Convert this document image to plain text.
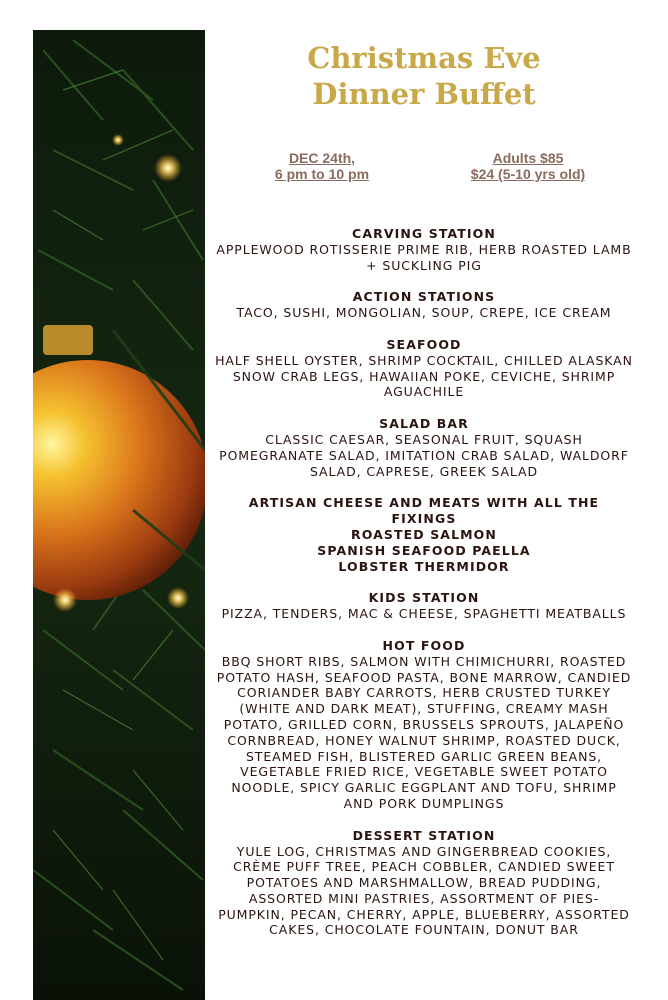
Christmas Eve
Dinner Buffet
DEC 24th,
6 pm to 10 pm
Adults $85
$24 (5-10 yrs old)
CARVING STATION

APPLEWOOD ROTISSERIE PRIME RIB, HERB ROASTED LAMB + SUCKLING PIG

ACTION STATIONS

TACO, SUSHI, MONGOLIAN, SOUP, CREPE, ICE CREAM

SEAFOOD

HALF SHELL OYSTER, SHRIMP COCKTAIL, CHILLED ALASKAN SNOW CRAB LEGS, HAWAIIAN POKE, CEVICHE, SHRIMP AGUACHILE

SALAD BAR

CLASSIC CAESAR, SEASONAL FRUIT, SQUASH POMEGRANATE SALAD, IMITATION CRAB SALAD, WALDORF SALAD, CAPRESE, GREEK SALAD

ARTISAN CHEESE AND MEATS WITH ALL THE FIXINGS
ROASTED SALMON
SPANISH SEAFOOD PAELLA
LOBSTER THERMIDOR
KIDS STATION

PIZZA, TENDERS, MAC & CHEESE, SPAGHETTI MEATBALLS

HOT FOOD

BBQ SHORT RIBS, SALMON WITH CHIMICHURRI, ROASTED POTATO HASH, SEAFOOD PASTA, BONE MARROW, CANDIED CORIANDER BABY CARROTS, HERB CRUSTED TURKEY (WHITE AND DARK MEAT), STUFFING, CREAMY MASH POTATO, GRILLED CORN, BRUSSELS SPROUTS, JALAPEÑO CORNBREAD, HONEY WALNUT SHRIMP, ROASTED DUCK, STEAMED FISH, BLISTERED GARLIC GREEN BEANS, VEGETABLE FRIED RICE, VEGETABLE SWEET POTATO NOODLE, SPICY GARLIC EGGPLANT AND TOFU, SHRIMP AND PORK DUMPLINGS

DESSERT STATION

YULE LOG, CHRISTMAS AND GINGERBREAD COOKIES, CRÈME PUFF TREE, PEACH COBBLER, CANDIED SWEET POTATOES AND MARSHMALLOW, BREAD PUDDING, ASSORTED MINI PASTRIES, ASSORTMENT OF PIES- PUMPKIN, PECAN, CHERRY, APPLE, BLUEBERRY, ASSORTED CAKES, CHOCOLATE FOUNTAIN, DONUT BAR
